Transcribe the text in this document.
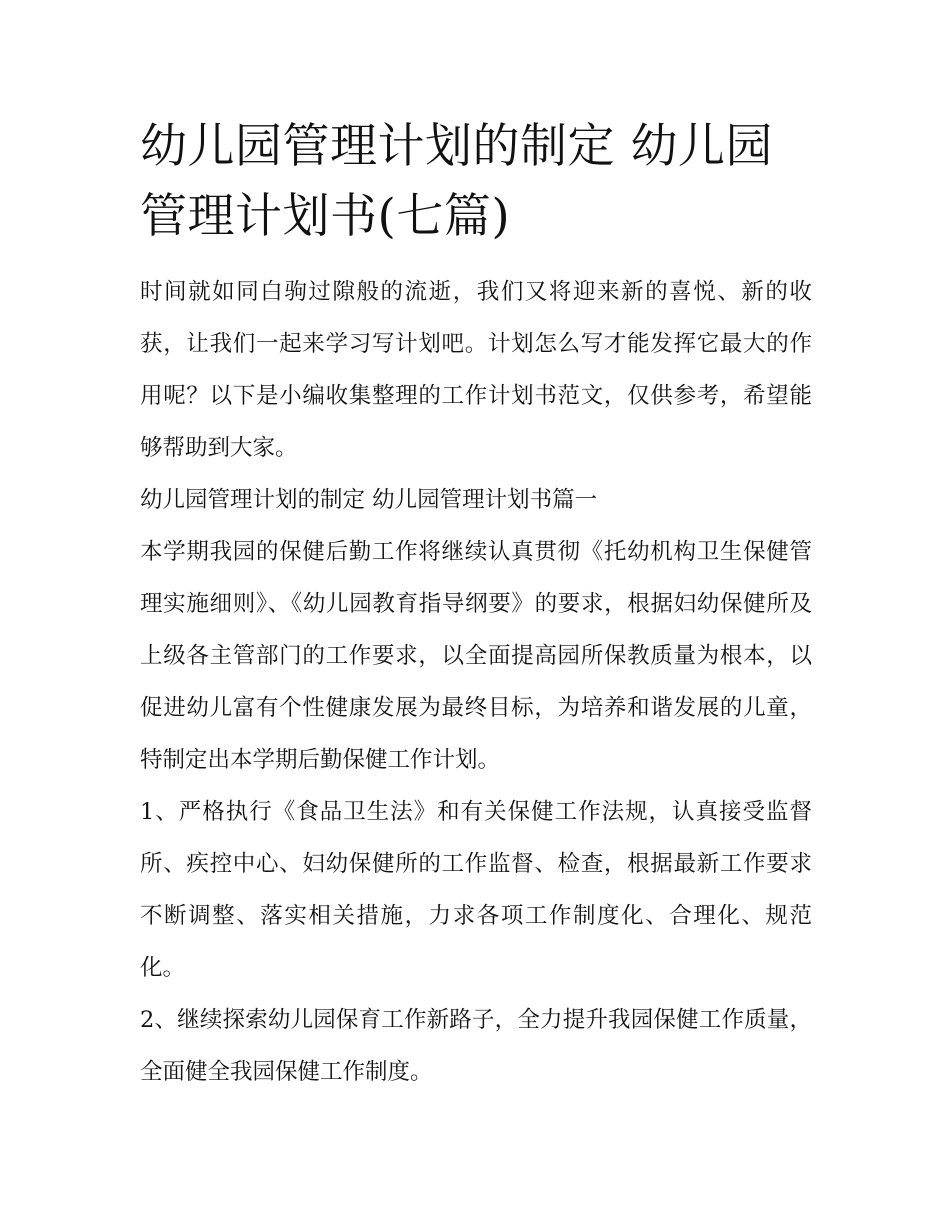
幼儿园管理计划的制定 幼儿园管理计划书(七篇)

时间就如同白驹过隙般的流逝，我们又将迎来新的喜悦、新的收获，让我们一起来学习写计划吧。计划怎么写才能发挥它最大的作用呢？以下是小编收集整理的工作计划书范文，仅供参考，希望能够帮助到大家。

幼儿园管理计划的制定 幼儿园管理计划书篇一

本学期我园的保健后勤工作将继续认真贯彻《托幼机构卫生保健管理实施细则》、《幼儿园教育指导纲要》的要求，根据妇幼保健所及上级各主管部门的工作要求，以全面提高园所保教质量为根本，以促进幼儿富有个性健康发展为最终目标，为培养和谐发展的儿童，特制定出本学期后勤保健工作计划。

1、严格执行《食品卫生法》和有关保健工作法规，认真接受监督所、疾控中心、妇幼保健所的工作监督、检查，根据最新工作要求不断调整、落实相关措施，力求各项工作制度化、合理化、规范化。

2、继续探索幼儿园保育工作新路子，全力提升我园保健工作质量，全面健全我园保健工作制度。
